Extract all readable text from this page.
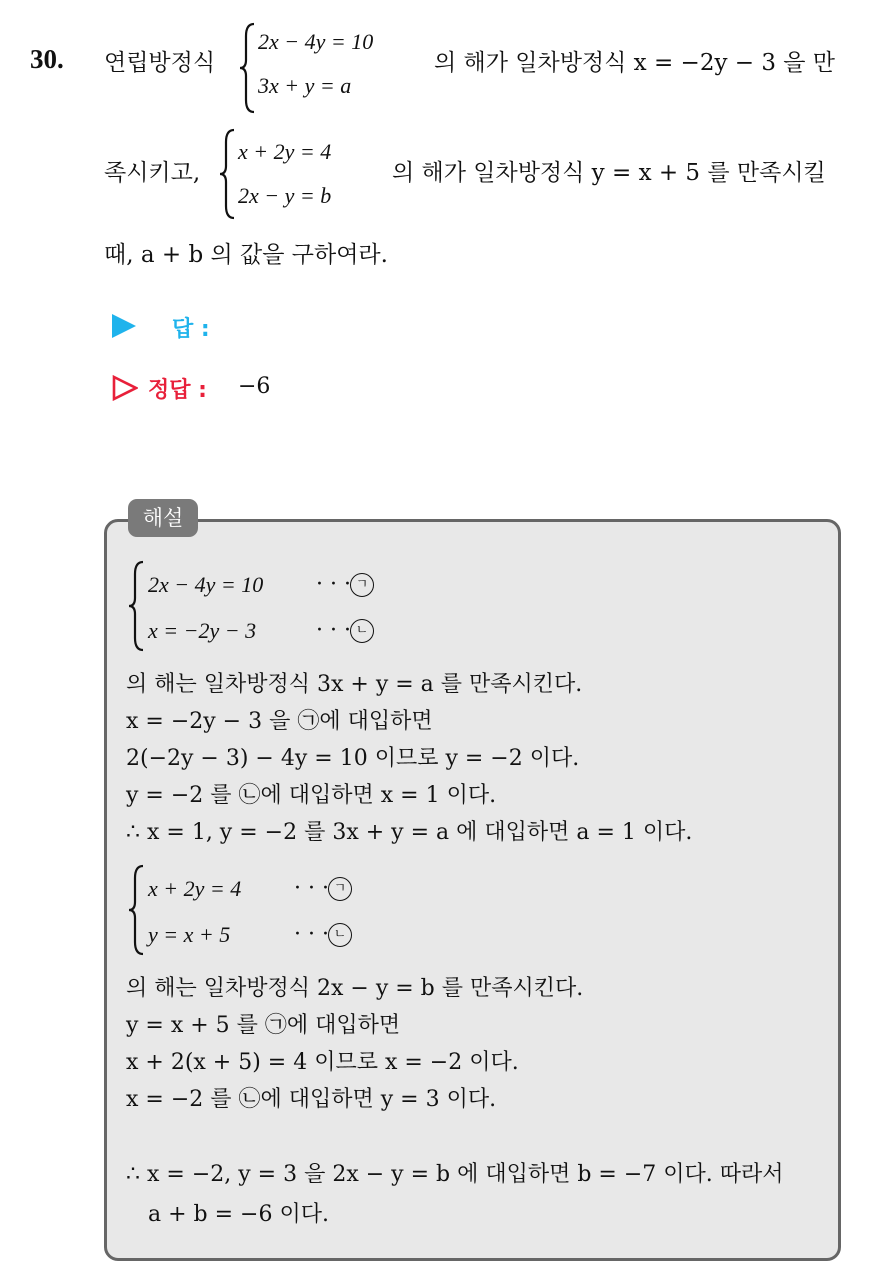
30. 연립방정식
2x − 4y = 10
3x + y = a
의 해가 일차방정식 x = −2y − 3 을 만
족시키고,
x + 2y = 4
2x − y = b
의 해가 일차방정식 y = x + 5 를 만족시킬
때, a + b 의 값을 구하여라.
답 :
정답 : −6
해설
2x − 4y = 10 · · · ㄱ
x = −2y − 3	· · · ㄴ
의 해는 일차방정식 3x + y = a 를 만족시킨다.
x = −2y − 3 을 ㉠에 대입하면
2(−2y − 3) − 4y = 10 이므로 y = −2 이다.
y = −2 를 ㉡에 대입하면 x = 1 이다.
∴ x = 1, y = −2 를 3x + y = a 에 대입하면 a = 1 이다.
x + 2y = 4 · · · ㄱ
y = x + 5	· · · ㄴ
의 해는 일차방정식 2x − y = b 를 만족시킨다.
y = x + 5 를 ㉠에 대입하면
x + 2(x + 5) = 4 이므로 x = −2 이다.
x = −2 를 ㉡에 대입하면 y = 3 이다.
∴ x = −2, y = 3 을 2x − y = b 에 대입하면 b = −7 이다. 따라서
a + b = −6 이다.
